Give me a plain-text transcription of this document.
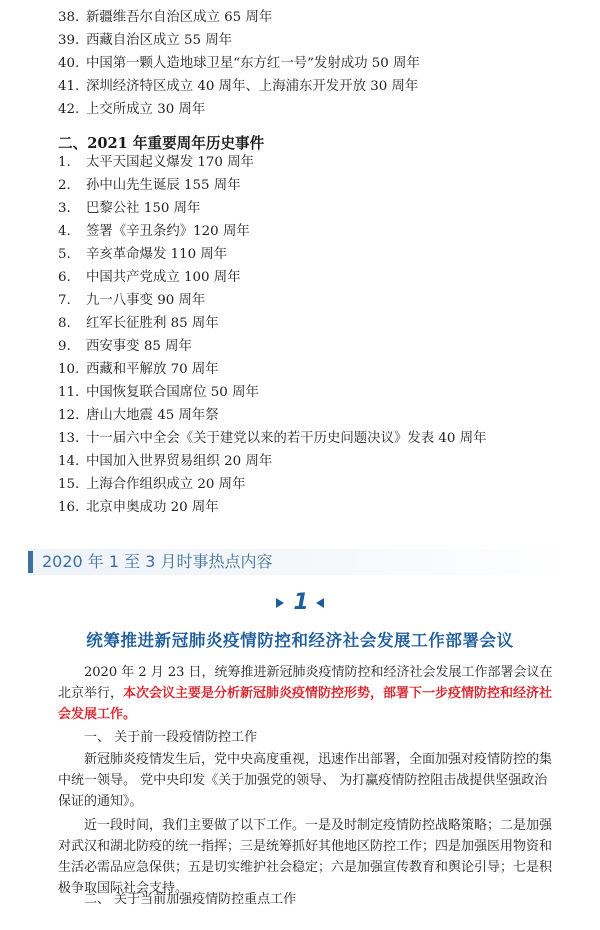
38. 新疆维吾尔自治区成立 65 周年
39. 西藏自治区成立 55 周年
40. 中国第一颗人造地球卫星“东方红一号”发射成功 50 周年
41. 深圳经济特区成立 40 周年、上海浦东开发开放 30 周年
42. 上交所成立 30 周年
二、2021 年重要周年历史事件
1. 太平天国起义爆发 170 周年
2. 孙中山先生诞辰 155 周年
3. 巴黎公社 150 周年
4. 签署《辛丑条约》120 周年
5. 辛亥革命爆发 110 周年
6. 中国共产党成立 100 周年
7. 九一八事变 90 周年
8. 红军长征胜利 85 周年
9. 西安事变 85 周年
10. 西藏和平解放 70 周年
11. 中国恢复联合国席位 50 周年
12. 唐山大地震 45 周年祭
13. 十一届六中全会《关于建党以来的若干历史问题决议》发表 40 周年
14. 中国加入世界贸易组织 20 周年
15. 上海合作组织成立 20 周年
16. 北京申奥成功 20 周年
2020 年 1 至 3 月时事热点内容
1
统筹推进新冠肺炎疫情防控和经济社会发展工作部署会议
2020 年 2 月 23 日，统筹推进新冠肺炎疫情防控和经济社会发展工作部署会议在北京举行，本次会议主要是分析新冠肺炎疫情防控形势，部署下一步疫情防控和经济社会发展工作。
一、 关于前一段疫情防控工作
新冠肺炎疫情发生后，党中央高度重视，迅速作出部署，全面加强对疫情防控的集中统一领导。 党中央印发《关于加强党的领导、 为打赢疫情防控阻击战提供坚强政治保证的通知》。
近一段时间，我们主要做了以下工作。一是及时制定疫情防控战略策略；二是加强对武汉和湖北防疫的统一指挥；三是统筹抓好其他地区防控工作；四是加强医用物资和生活必需品应急保供；五是切实维护社会稳定；六是加强宣传教育和舆论引导；七是积极争取国际社会支持。
二、 关于当前加强疫情防控重点工作
